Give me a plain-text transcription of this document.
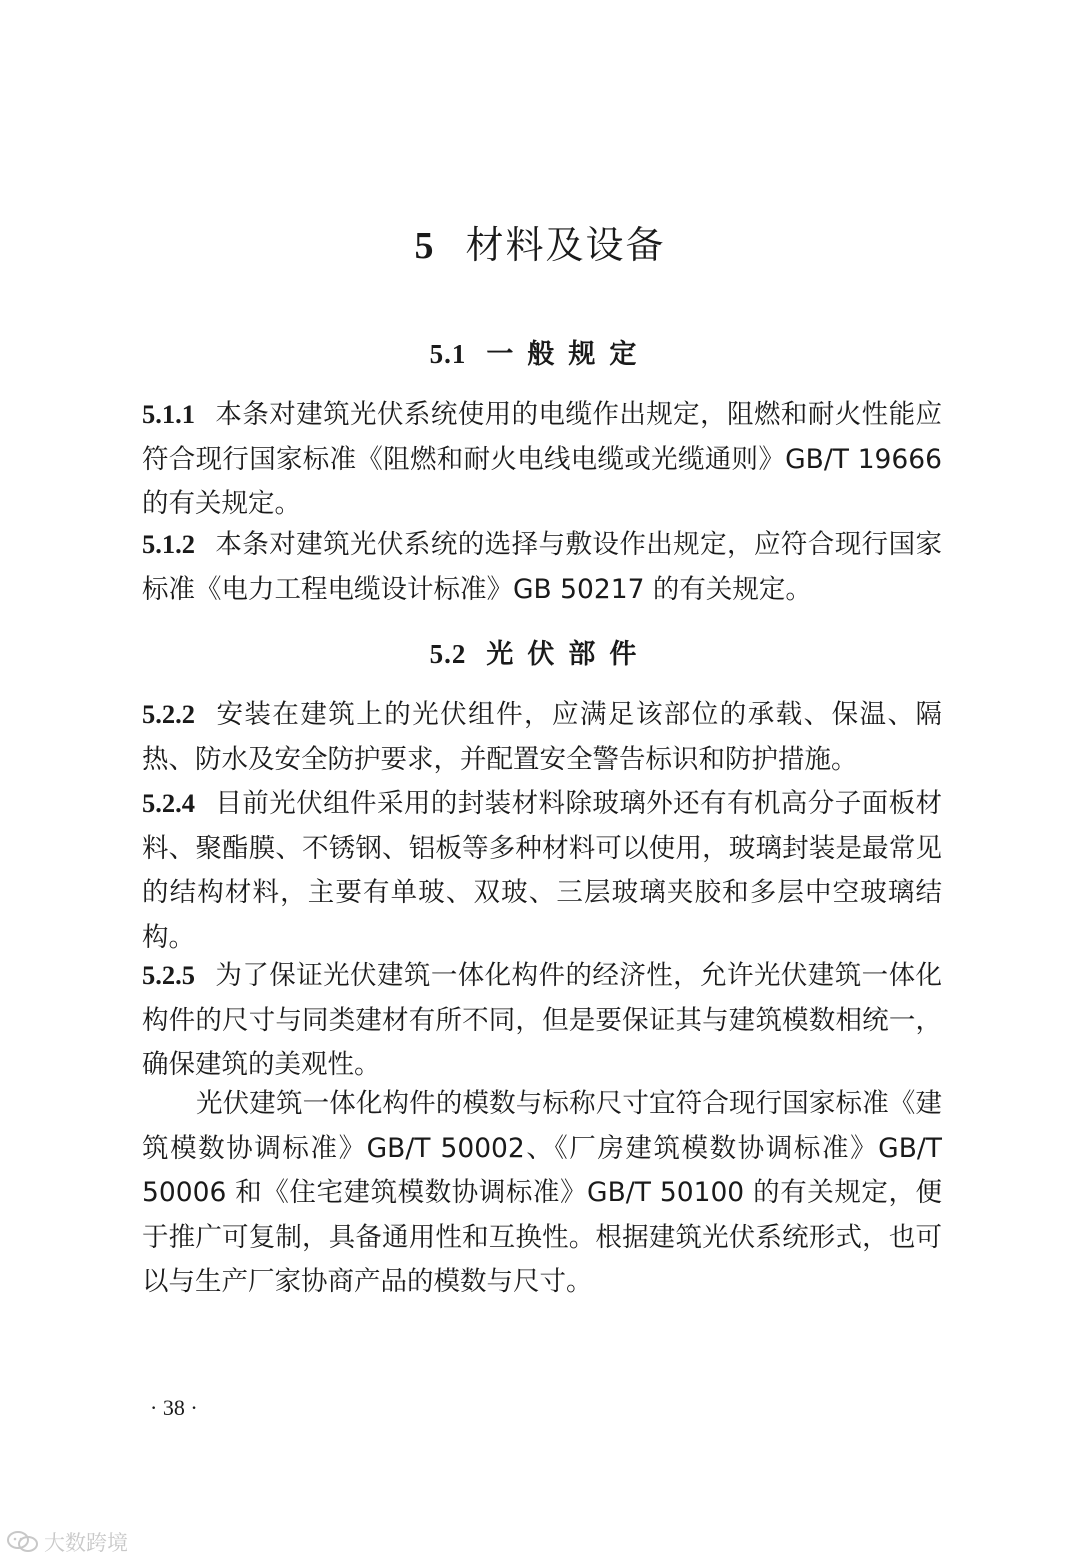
5 材料及设备
5.1 一般规定
5.1.1 本条对建筑光伏系统使用的电缆作出规定，阻燃和耐火性能应符合现行国家标准《阻燃和耐火电线电缆或光缆通则》GB/T 19666 的有关规定。
5.1.2 本条对建筑光伏系统的选择与敷设作出规定，应符合现行国家标准《电力工程电缆设计标准》GB 50217 的有关规定。
5.2 光伏部件
5.2.2 安装在建筑上的光伏组件，应满足该部位的承载、保温、隔热、防水及安全防护要求，并配置安全警告标识和防护措施。
5.2.4 目前光伏组件采用的封装材料除玻璃外还有有机高分子面板材料、聚酯膜、不锈钢、铝板等多种材料可以使用，玻璃封装是最常见的结构材料，主要有单玻、双玻、三层玻璃夹胶和多层中空玻璃结构。
5.2.5 为了保证光伏建筑一体化构件的经济性，允许光伏建筑一体化构件的尺寸与同类建材有所不同，但是要保证其与建筑模数相统一，确保建筑的美观性。
光伏建筑一体化构件的模数与标称尺寸宜符合现行国家标准《建筑模数协调标准》GB/T 50002、《厂房建筑模数协调标准》GB/T 50006 和《住宅建筑模数协调标准》GB/T 50100 的有关规定，便于推广可复制，具备通用性和互换性。根据建筑光伏系统形式，也可以与生产厂家协商产品的模数与尺寸。
· 38 ·
大数跨境
